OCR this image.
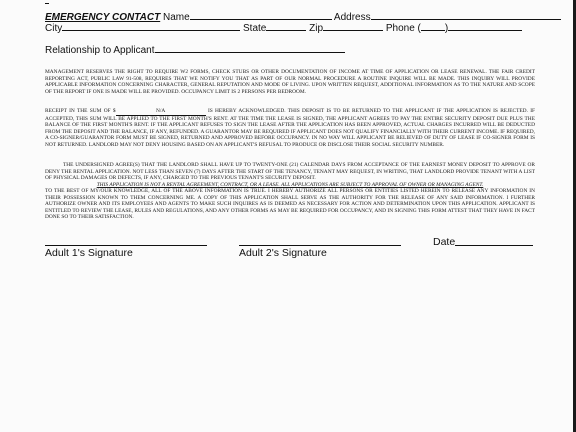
EMERGENCY CONTACT Name	Address
City	State	Zip	Phone ( )
Relationship to Applicant

MANAGEMENT RESERVES THE RIGHT TO REQUIRE W2 FORMS, CHECK STUBS OR OTHER DOCUMENTATION OF INCOME AT TIME OF APPLICATION OR LEASE RENEWAL. THE FAIR CREDIT REPORTING ACT, PUBLIC LAW 91-508, REQUIRES THAT WE NOTIFY YOU THAT AS PART OF OUR NORMAL PROCEDURE A ROUTINE INQUIRE WILL BE MADE. THIS INQUIRY WILL PROVIDE APPLICABLE INFORMATION CONCERNING CHARACTER, GENERAL REPUTATION AND MODE OF LIVING. UPON WRITTEN REQUEST, ADDITIONAL INFORMATION AS TO THE NATURE AND SCOPE OF THE REPORT IF ONE IS MADE WILL BE PROVIDED. OCCUPANCY LIMIT IS 2 PERSONS PER BEDROOM.

RECEIPT IN THE SUM OF $	N/A	IS HEREBY ACKNOWLEDGED. THIS DEPOSIT IS TO BE RETURNED TO THE APPLICANT IF THE APPLICATION IS REJECTED. IF ACCEPTED, THIS SUM WILL BE APPLIED TO THE FIRST MONTH'S RENT. AT THE TIME THE LEASE IS SIGNED, THE APPLICANT AGREES TO PAY THE ENTIRE SECURITY DEPOSIT DUE PLUS THE BALANCE OF THE FIRST MONTH'S RENT. IF THE APPLICANT REFUSES TO SIGN THE LEASE AFTER THE APPLICATION HAS BEEN APPROVED, ACTUAL CHARGES INCURRED WILL BE DEDUCTED FROM THE DEPOSIT AND THE BALANCE, IF ANY, REFUNDED. A GUARANTOR MAY BE REQUIRED IF APPLICANT DOES NOT QUALIFY FINANCIALLY WITH THEIR CURRENT INCOME. IF REQUIRED, A CO-SIGNER/GUARANTOR FORM MUST BE SIGNED, RETURNED AND APPROVED BEFORE OCCUPANCY. IN NO WAY WILL APPLICANT BE RELIEVED OF DUTY OF LEASE IF CO-SIGNER FORM IS NOT RETURNED. LANDLORD MAY NOT DENY HOUSING BASED ON AN APPLICANT'S REFUSAL TO PRODUCE OR DISCLOSE THEIR SOCIAL SECURITY NUMBER.

THE UNDERSIGNED AGREE(S) THAT THE LANDLORD SHALL HAVE UP TO TWENTY-ONE (21) CALENDAR DAYS FROM ACCEPTANCE OF THE EARNEST MONEY DEPOSIT TO APPROVE OR DENY THE RENTAL APPLICATION. NOT LESS THAN SEVEN (7) DAYS AFTER THE START OF THE TENANCY, TENANT MAY REQUEST, IN WRITING, THAT LANDLORD PROVIDE TENANT WITH A LIST OF PHYSICAL DAMAGES OR DEFECTS, IF ANY, CHARGED TO THE PREVIOUS TENANT'S SECURITY DEPOSIT.

THIS APPLICATION IS NOT A RENTAL AGREEMENT, CONTRACT, OR A LEASE. ALL APPLICATIONS ARE SUBJECT TO APPROVAL OF OWNER OR MANAGING AGENT.

TO THE BEST OF MY/OUR KNOWLEDGE, ALL OF THE ABOVE INFORMATION IS TRUE. I HEREBY AUTHORIZE ALL PERSONS OR ENTITIES LISTED HEREIN TO RELEASE ANY INFORMATION IN THEIR POSSESSION KNOWN TO THEM CONCERNING ME. A COPY OF THIS APPLICATION SHALL SERVE AS THE AUTHORITY FOR THE RELEASE OF ANY SAID INFORMATION. I FURTHER AUTHORIZE OWNER AND ITS EMPLOYEES AND AGENTS TO MAKE SUCH INQUIRES AS IS DEEMED AS NECESSARY FOR ACTION AND DETERMINATION UPON THIS APPLICATION. APPLICANT IS ENTITLED TO REVIEW THE LEASE, RULES AND REGULATIONS, AND ANY OTHER FORMS AS MAY BE REQUIRED FOR OCCUPANCY, AND IN SIGNING THIS FORM ATTEST THAT THEY HAVE IN FACT DONE SO TO THEIR SATISFACTION.

Date
Adult 1's Signature	Adult 2's Signature
